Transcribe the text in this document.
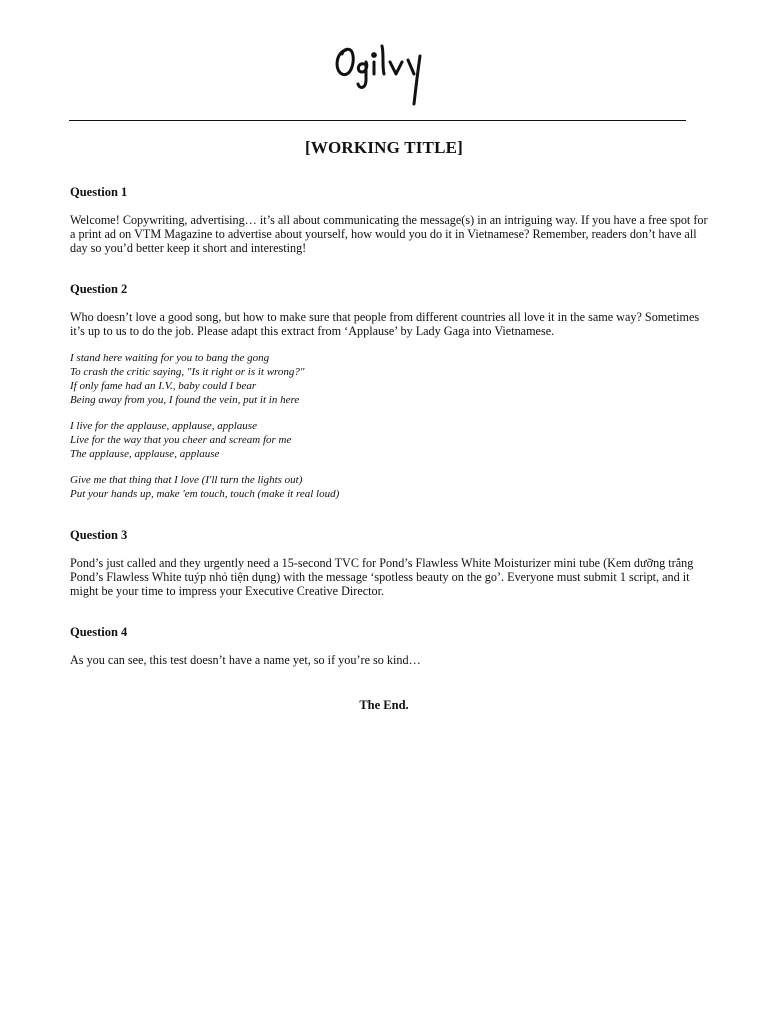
[WORKING TITLE]

Question 1

Welcome! Copywriting, advertising… it’s all about communicating the message(s) in an intriguing way. If you have a free spot for a print ad on VTM Magazine to advertise about yourself, how would you do it in Vietnamese? Remember, readers don’t have all day so you’d better keep it short and interesting!

Question 2

Who doesn’t love a good song, but how to make sure that people from different countries all love it in the same way? Sometimes it’s up to us to do the job. Please adapt this extract from ‘Applause’ by Lady Gaga into Vietnamese.

I stand here waiting for you to bang the gong
To crash the critic saying, "Is it right or is it wrong?"
If only fame had an I.V., baby could I bear
Being away from you, I found the vein, put it in here
I live for the applause, applause, applause
Live for the way that you cheer and scream for me
The applause, applause, applause
Give me that thing that I love (I'll turn the lights out)
Put your hands up, make 'em touch, touch (make it real loud)

Question 3

Pond’s just called and they urgently need a 15-second TVC for Pond’s Flawless White Moisturizer mini tube (Kem dưỡng trắng Pond’s Flawless White tuýp nhỏ tiện dụng) with the message ‘spotless beauty on the go’. Everyone must submit 1 script, and it might be your time to impress your Executive Creative Director.

Question 4

As you can see, this test doesn’t have a name yet, so if you’re so kind…

The End.
